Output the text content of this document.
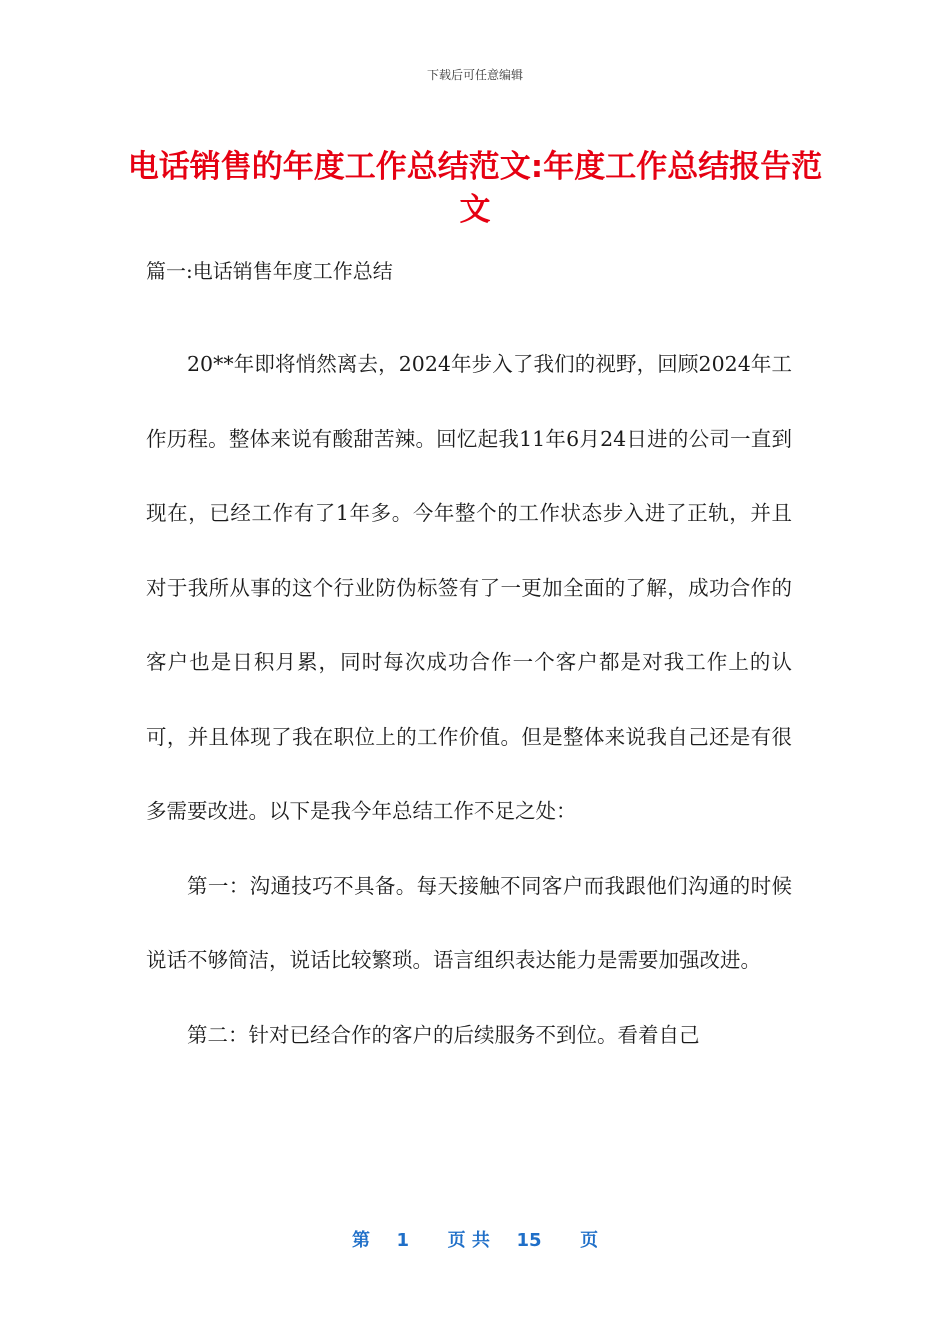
下载后可任意编辑
电话销售的年度工作总结范文:年度工作总结报告范文
篇一:电话销售年度工作总结

20**年即将悄然离去，2024年步入了我们的视野，回顾2024年工作历程。整体来说有酸甜苦辣。回忆起我11年6月24日进的公司一直到现在，已经工作有了1年多。今年整个的工作状态步入进了正轨，并且对于我所从事的这个行业防伪标签有了一更加全面的了解，成功合作的客户也是日积月累，同时每次成功合作一个客户都是对我工作上的认可，并且体现了我在职位上的工作价值。但是整体来说我自己还是有很多需要改进。以下是我今年总结工作不足之处：

第一：沟通技巧不具备。每天接触不同客户而我跟他们沟通的时候说话不够简洁，说话比较繁琐。语言组织表达能力是需要加强改进。

第二：针对已经合作的客户的后续服务不到位。看着自己

第 1 页 共 15 页
